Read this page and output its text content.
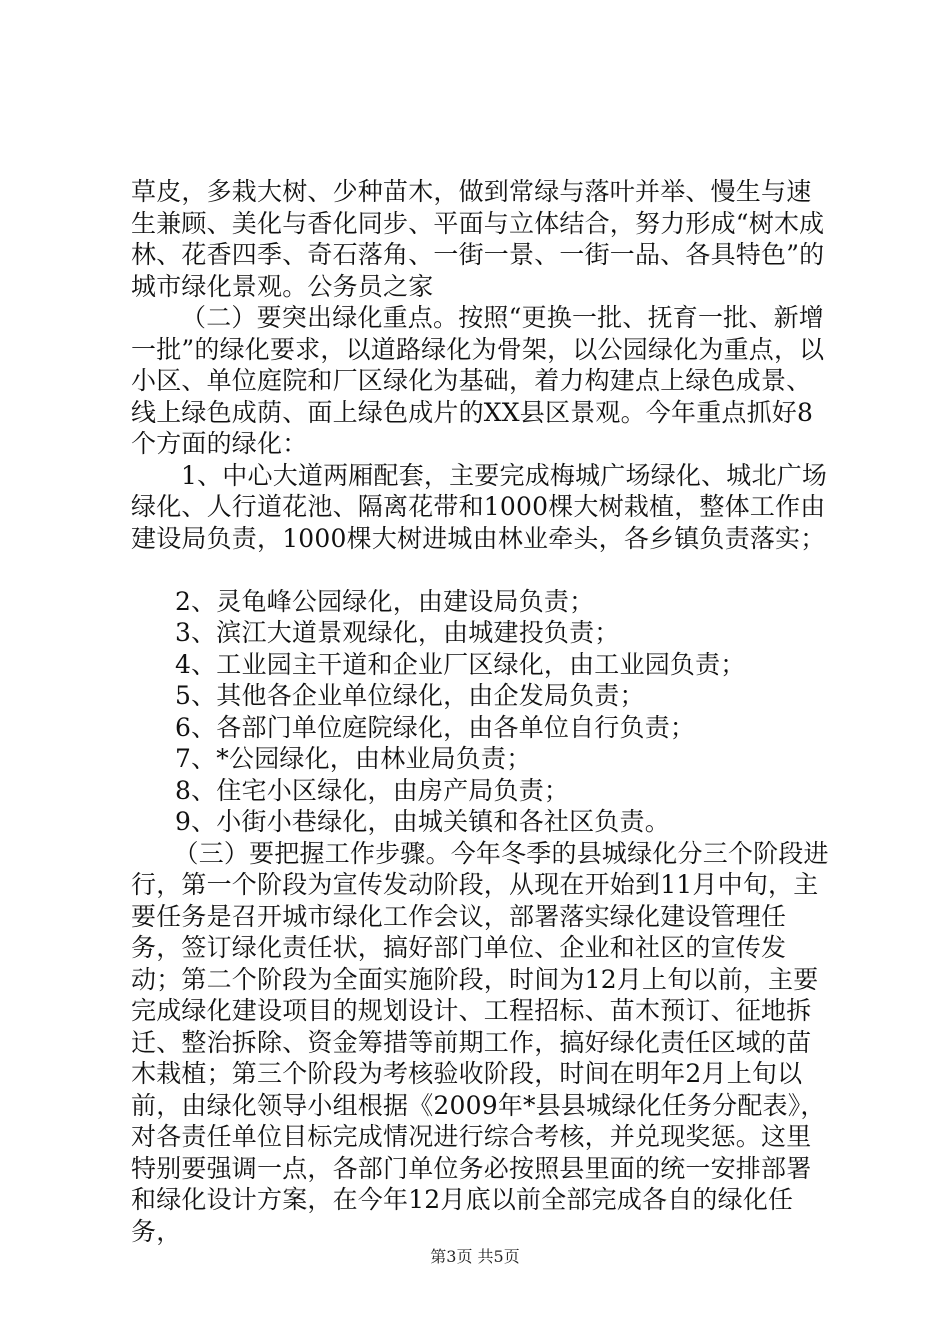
草皮，多栽大树、少种苗木，做到常绿与落叶并举、慢生与速生兼顾、美化与香化同步、平面与立体结合，努力形成“树木成林、花香四季、奇石落角、一街一景、一街一品、各具特色”的城市绿化景观。公务员之家

（二）要突出绿化重点。按照“更换一批、抚育一批、新增一批”的绿化要求，以道路绿化为骨架，以公园绿化为重点，以小区、单位庭院和厂区绿化为基础，着力构建点上绿色成景、线上绿色成荫、面上绿色成片的XX县区景观。今年重点抓好8个方面的绿化：

1、中心大道两厢配套，主要完成梅城广场绿化、城北广场绿化、人行道花池、隔离花带和1000棵大树栽植，整体工作由建设局负责，1000棵大树进城由林业牵头，各乡镇负责落实；

2、灵龟峰公园绿化，由建设局负责；

3、滨江大道景观绿化，由城建投负责；

4、工业园主干道和企业厂区绿化，由工业园负责；

5、其他各企业单位绿化，由企发局负责；

6、各部门单位庭院绿化，由各单位自行负责；

7、*公园绿化，由林业局负责；

8、住宅小区绿化，由房产局负责；

9、小街小巷绿化，由城关镇和各社区负责。

（三）要把握工作步骤。今年冬季的县城绿化分三个阶段进行，第一个阶段为宣传发动阶段，从现在开始到11月中旬，主要任务是召开城市绿化工作会议，部署落实绿化建设管理任务，签订绿化责任状，搞好部门单位、企业和社区的宣传发动；第二个阶段为全面实施阶段，时间为12月上旬以前，主要完成绿化建设项目的规划设计、工程招标、苗木预订、征地拆迁、整治拆除、资金筹措等前期工作，搞好绿化责任区域的苗木栽植；第三个阶段为考核验收阶段，时间在明年2月上旬以前，由绿化领导小组根据《2009年*县县城绿化任务分配表》，对各责任单位目标完成情况进行综合考核，并兑现奖惩。这里特别要强调一点，各部门单位务必按照县里面的统一安排部署和绿化设计方案，在今年12月底以前全部完成各自的绿化任务，

第3页 共5页
